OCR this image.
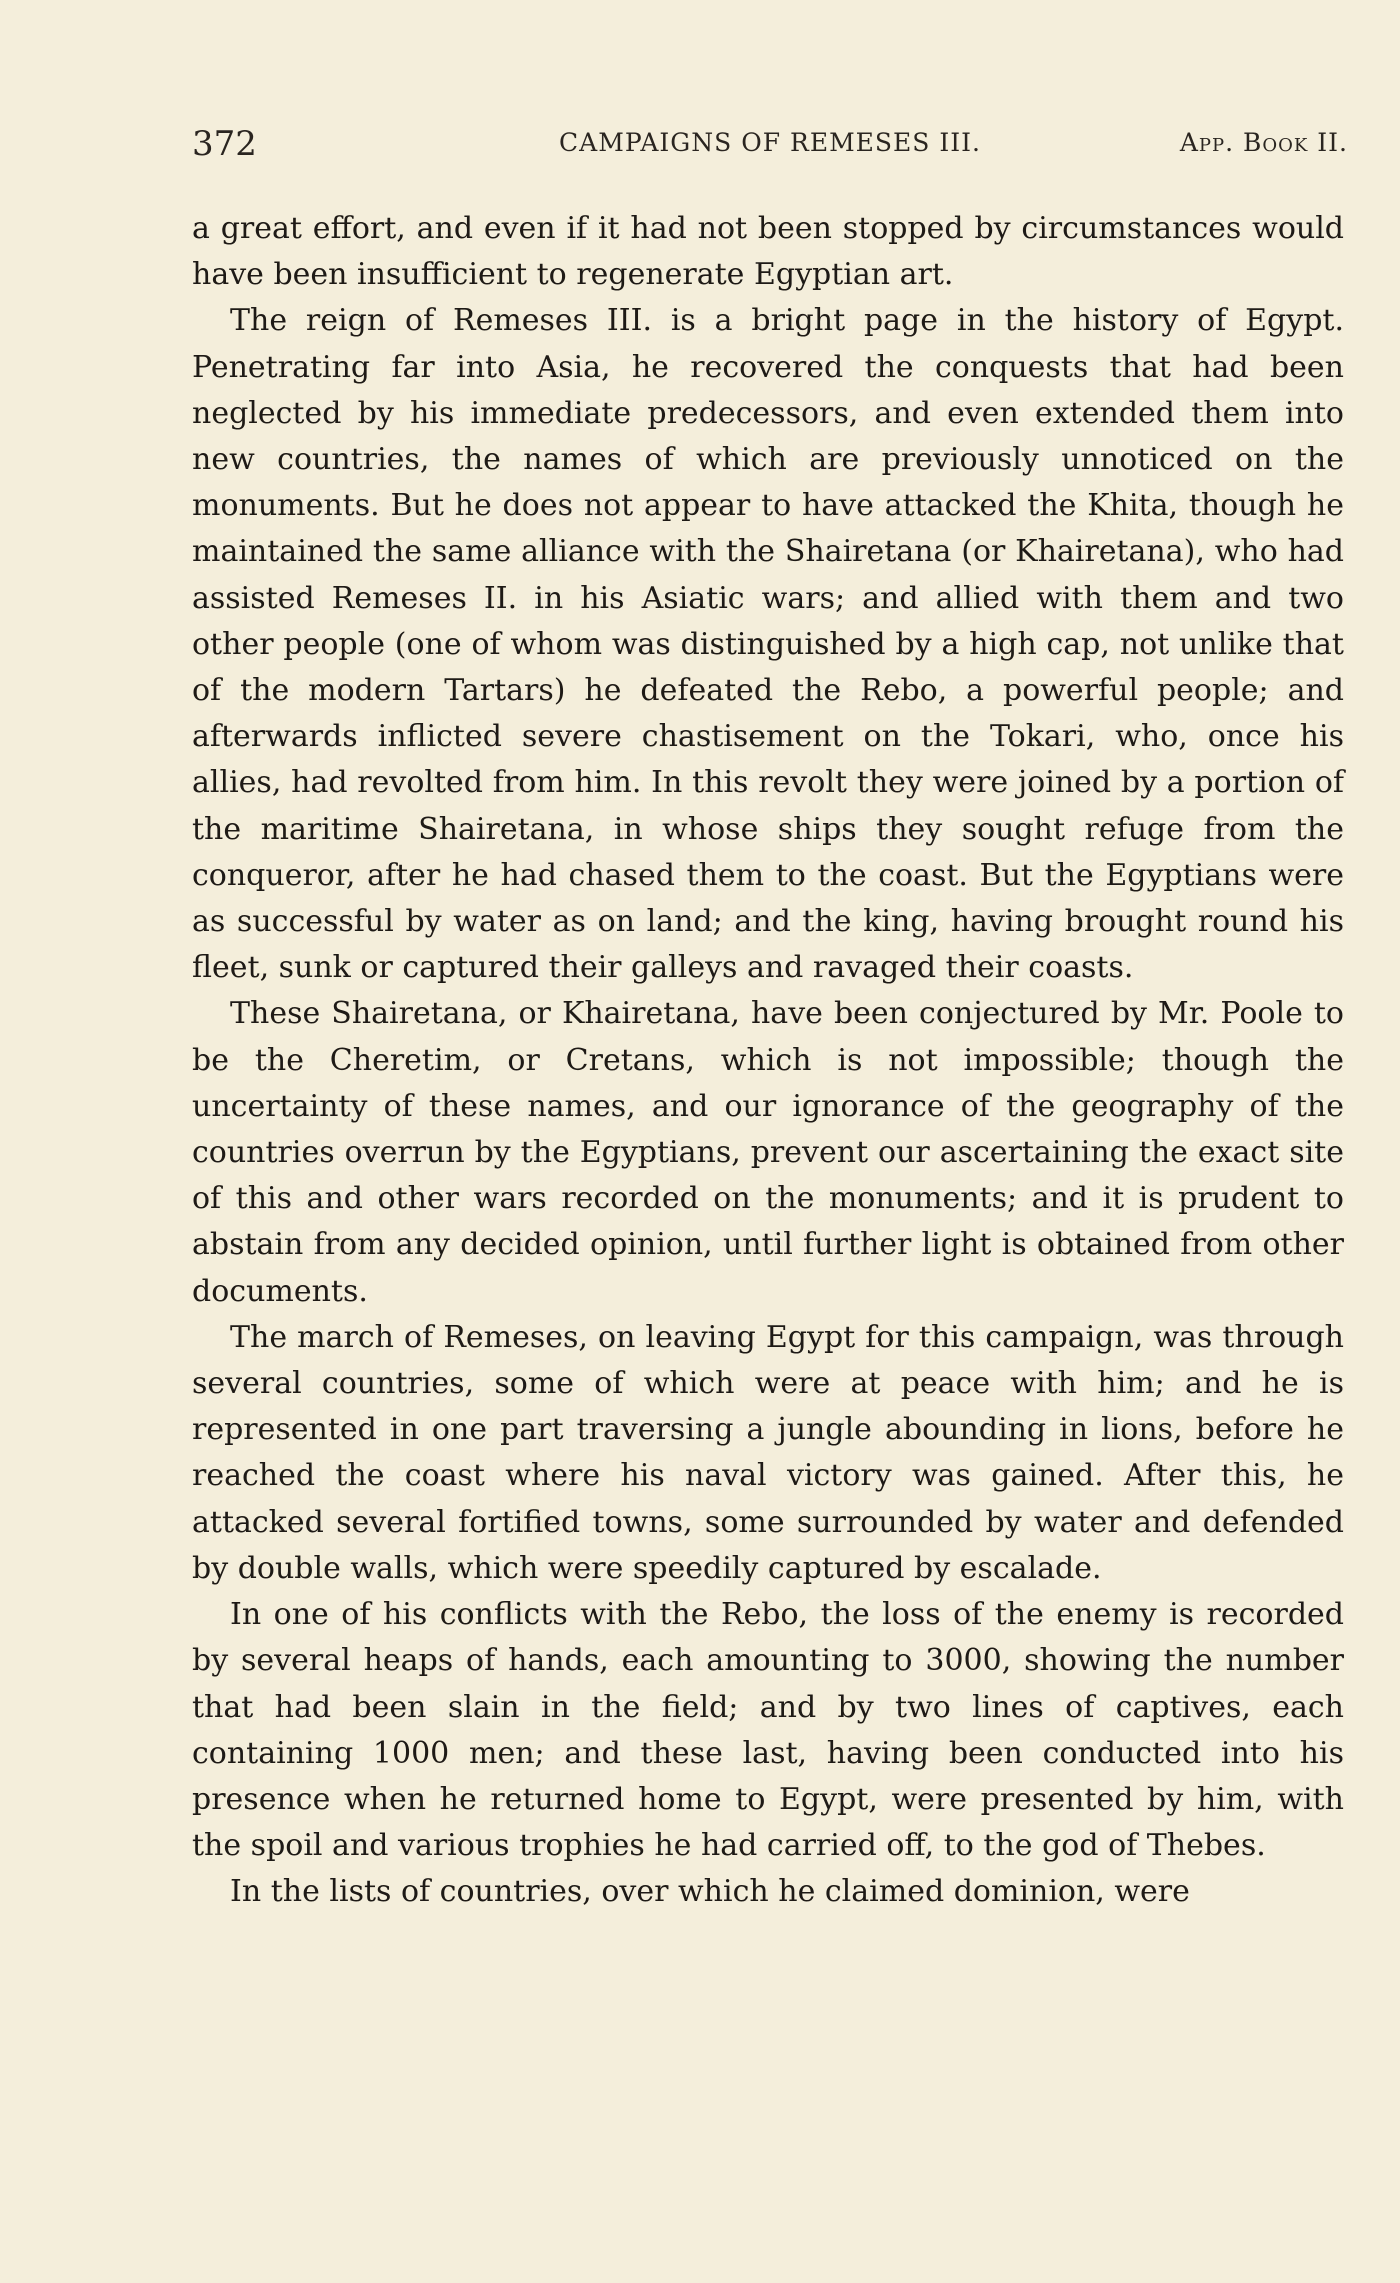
372	CAMPAIGNS OF REMESES III.	App. Book II.

a great effort, and even if it had not been stopped by circumstances would have been insufficient to regenerate Egyptian art.

The reign of Remeses III. is a bright page in the history of Egypt. Penetrating far into Asia, he recovered the conquests that had been neglected by his immediate predecessors, and even extended them into new countries, the names of which are previously unnoticed on the monuments. But he does not appear to have attacked the Khita, though he maintained the same alliance with the Shairetana (or Khairetana), who had assisted Remeses II. in his Asiatic wars; and allied with them and two other people (one of whom was distinguished by a high cap, not unlike that of the modern Tartars) he defeated the Rebo, a powerful people; and afterwards inflicted severe chastisement on the Tokari, who, once his allies, had revolted from him. In this revolt they were joined by a portion of the maritime Shairetana, in whose ships they sought refuge from the conqueror, after he had chased them to the coast. But the Egyptians were as successful by water as on land; and the king, having brought round his fleet, sunk or captured their galleys and ravaged their coasts.

These Shairetana, or Khairetana, have been conjectured by Mr. Poole to be the Cheretim, or Cretans, which is not impossible; though the uncertainty of these names, and our ignorance of the geography of the countries overrun by the Egyptians, prevent our ascertaining the exact site of this and other wars recorded on the monuments; and it is prudent to abstain from any decided opinion, until further light is obtained from other documents.

The march of Remeses, on leaving Egypt for this campaign, was through several countries, some of which were at peace with him; and he is represented in one part traversing a jungle abounding in lions, before he reached the coast where his naval victory was gained. After this, he attacked several fortified towns, some surrounded by water and defended by double walls, which were speedily captured by escalade.

In one of his conflicts with the Rebo, the loss of the enemy is recorded by several heaps of hands, each amounting to 3000, showing the number that had been slain in the field; and by two lines of captives, each containing 1000 men; and these last, having been conducted into his presence when he returned home to Egypt, were presented by him, with the spoil and various trophies he had carried off, to the god of Thebes.

In the lists of countries, over which he claimed dominion, were
